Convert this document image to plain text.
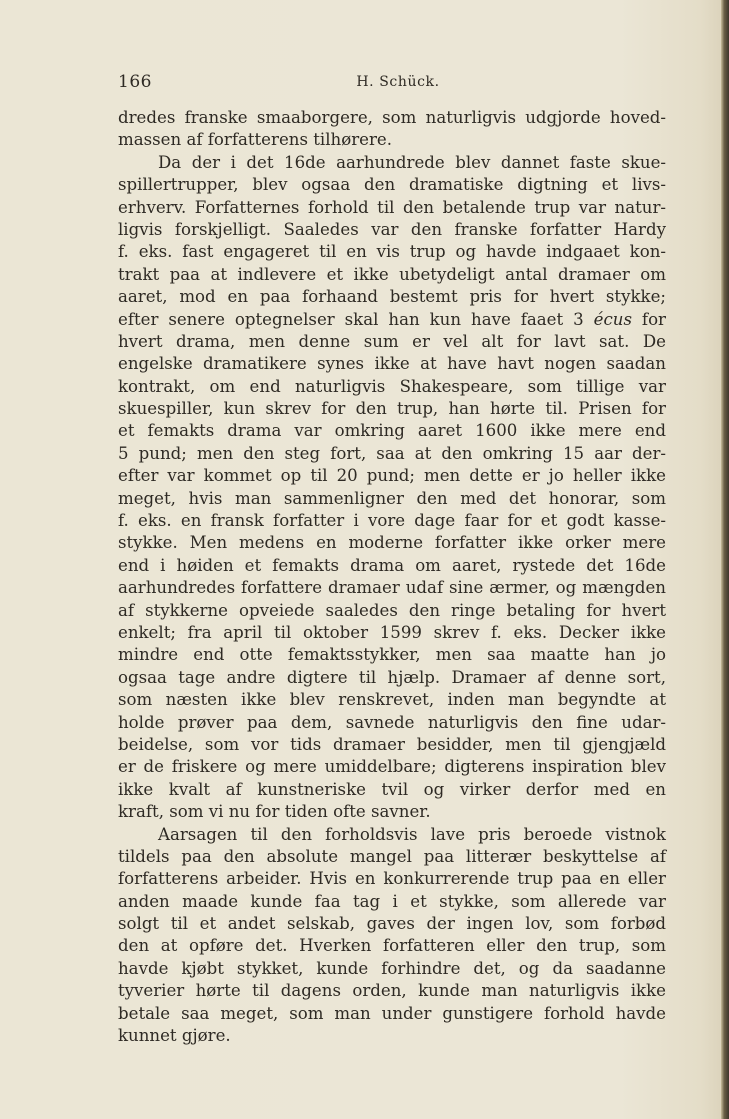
166	H. Schück.
dredes franske smaaborgere, som naturligvis udgjorde hoved-
massen af forfatterens tilhørere.
Da der i det 16de aarhundrede blev dannet faste skue-
spillertrupper, blev ogsaa den dramatiske digtning et livs-
erhverv. Forfatternes forhold til den betalende trup var natur-
ligvis forskjelligt. Saaledes var den franske forfatter Hardy
f. eks. fast engageret til en vis trup og havde indgaaet kon-
trakt paa at indlevere et ikke ubetydeligt antal dramaer om
aaret, mod en paa forhaand bestemt pris for hvert stykke;
efter senere optegnelser skal han kun have faaet 3 écus for
hvert drama, men denne sum er vel alt for lavt sat. De
engelske dramatikere synes ikke at have havt nogen saadan
kontrakt, om end naturligvis Shakespeare, som tillige var
skuespiller, kun skrev for den trup, han hørte til. Prisen for
et femakts drama var omkring aaret 1600 ikke mere end
5 pund; men den steg fort, saa at den omkring 15 aar der-
efter var kommet op til 20 pund; men dette er jo heller ikke
meget, hvis man sammenligner den med det honorar, som
f. eks. en fransk forfatter i vore dage faar for et godt kasse-
stykke. Men medens en moderne forfatter ikke orker mere
end i høiden et femakts drama om aaret, rystede det 16de
aarhundredes forfattere dramaer udaf sine ærmer, og mængden
af stykkerne opveiede saaledes den ringe betaling for hvert
enkelt; fra april til oktober 1599 skrev f. eks. Decker ikke
mindre end otte femaktsstykker, men saa maatte han jo
ogsaa tage andre digtere til hjælp. Dramaer af denne sort,
som næsten ikke blev renskrevet, inden man begyndte at
holde prøver paa dem, savnede naturligvis den fine udar-
beidelse, som vor tids dramaer besidder, men til gjengjæld
er de friskere og mere umiddelbare; digterens inspiration blev
ikke kvalt af kunstneriske tvil og virker derfor med en
kraft, som vi nu for tiden ofte savner.
Aarsagen til den forholdsvis lave pris beroede vistnok
tildels paa den absolute mangel paa litterær beskyttelse af
forfatterens arbeider. Hvis en konkurrerende trup paa en eller
anden maade kunde faa tag i et stykke, som allerede var
solgt til et andet selskab, gaves der ingen lov, som forbød
den at opføre det. Hverken forfatteren eller den trup, som
havde kjøbt stykket, kunde forhindre det, og da saadanne
tyverier hørte til dagens orden, kunde man naturligvis ikke
betale saa meget, som man under gunstigere forhold havde
kunnet gjøre.
